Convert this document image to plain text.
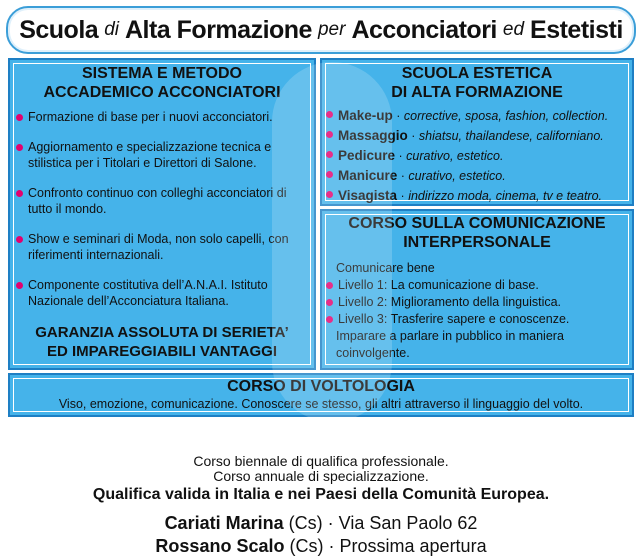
Scuola di Alta Formazione per Acconciatori ed Estetisti
SISTEMA E METODO
ACCADEMICO ACCONCIATORI
Formazione di base per i nuovi acconciatori.
Aggiornamento e specializzazione tecnica e stilistica per i Titolari e Direttori di Salone.
Confronto continuo con colleghi acconciatori di tutto il mondo.
Show e seminari di Moda, non solo capelli, con riferimenti internazionali.
Componente costitutiva dell’A.N.A.I. Istituto Nazionale dell’Acconciatura Italiana.
GARANZIA ASSOLUTA DI SERIETA’
ED IMPAREGGIABILI VANTAGGI
SCUOLA ESTETICA
DI ALTA FORMAZIONE
Make-up · corrective, sposa, fashion, collection.
Massaggio · shiatsu, thailandese, californiano.
Pedicure · curativo, estetico.
Manicure · curativo, estetico.
Visagista · indirizzo moda, cinema, tv e teatro.
CORSO SULLA COMUNICAZIONE
INTERPERSONALE
Comunicare bene
Livello 1: La comunicazione di base.
Livello 2: Miglioramento della linguistica.
Livello 3: Trasferire sapere e conoscenze.
Imparare a parlare in pubblico in maniera coinvolgente.
CORSO DI VOLTOLOGIA
Viso, emozione, comunicazione. Conoscere se stesso, gli altri attraverso il linguaggio del volto.
Corso biennale di qualifica professionale.
Corso annuale di specializzazione.
Qualifica valida in Italia e nei Paesi della Comunità Europea.
Cariati Marina (Cs) · Via San Paolo 62
Rossano Scalo (Cs) · Prossima apertura
